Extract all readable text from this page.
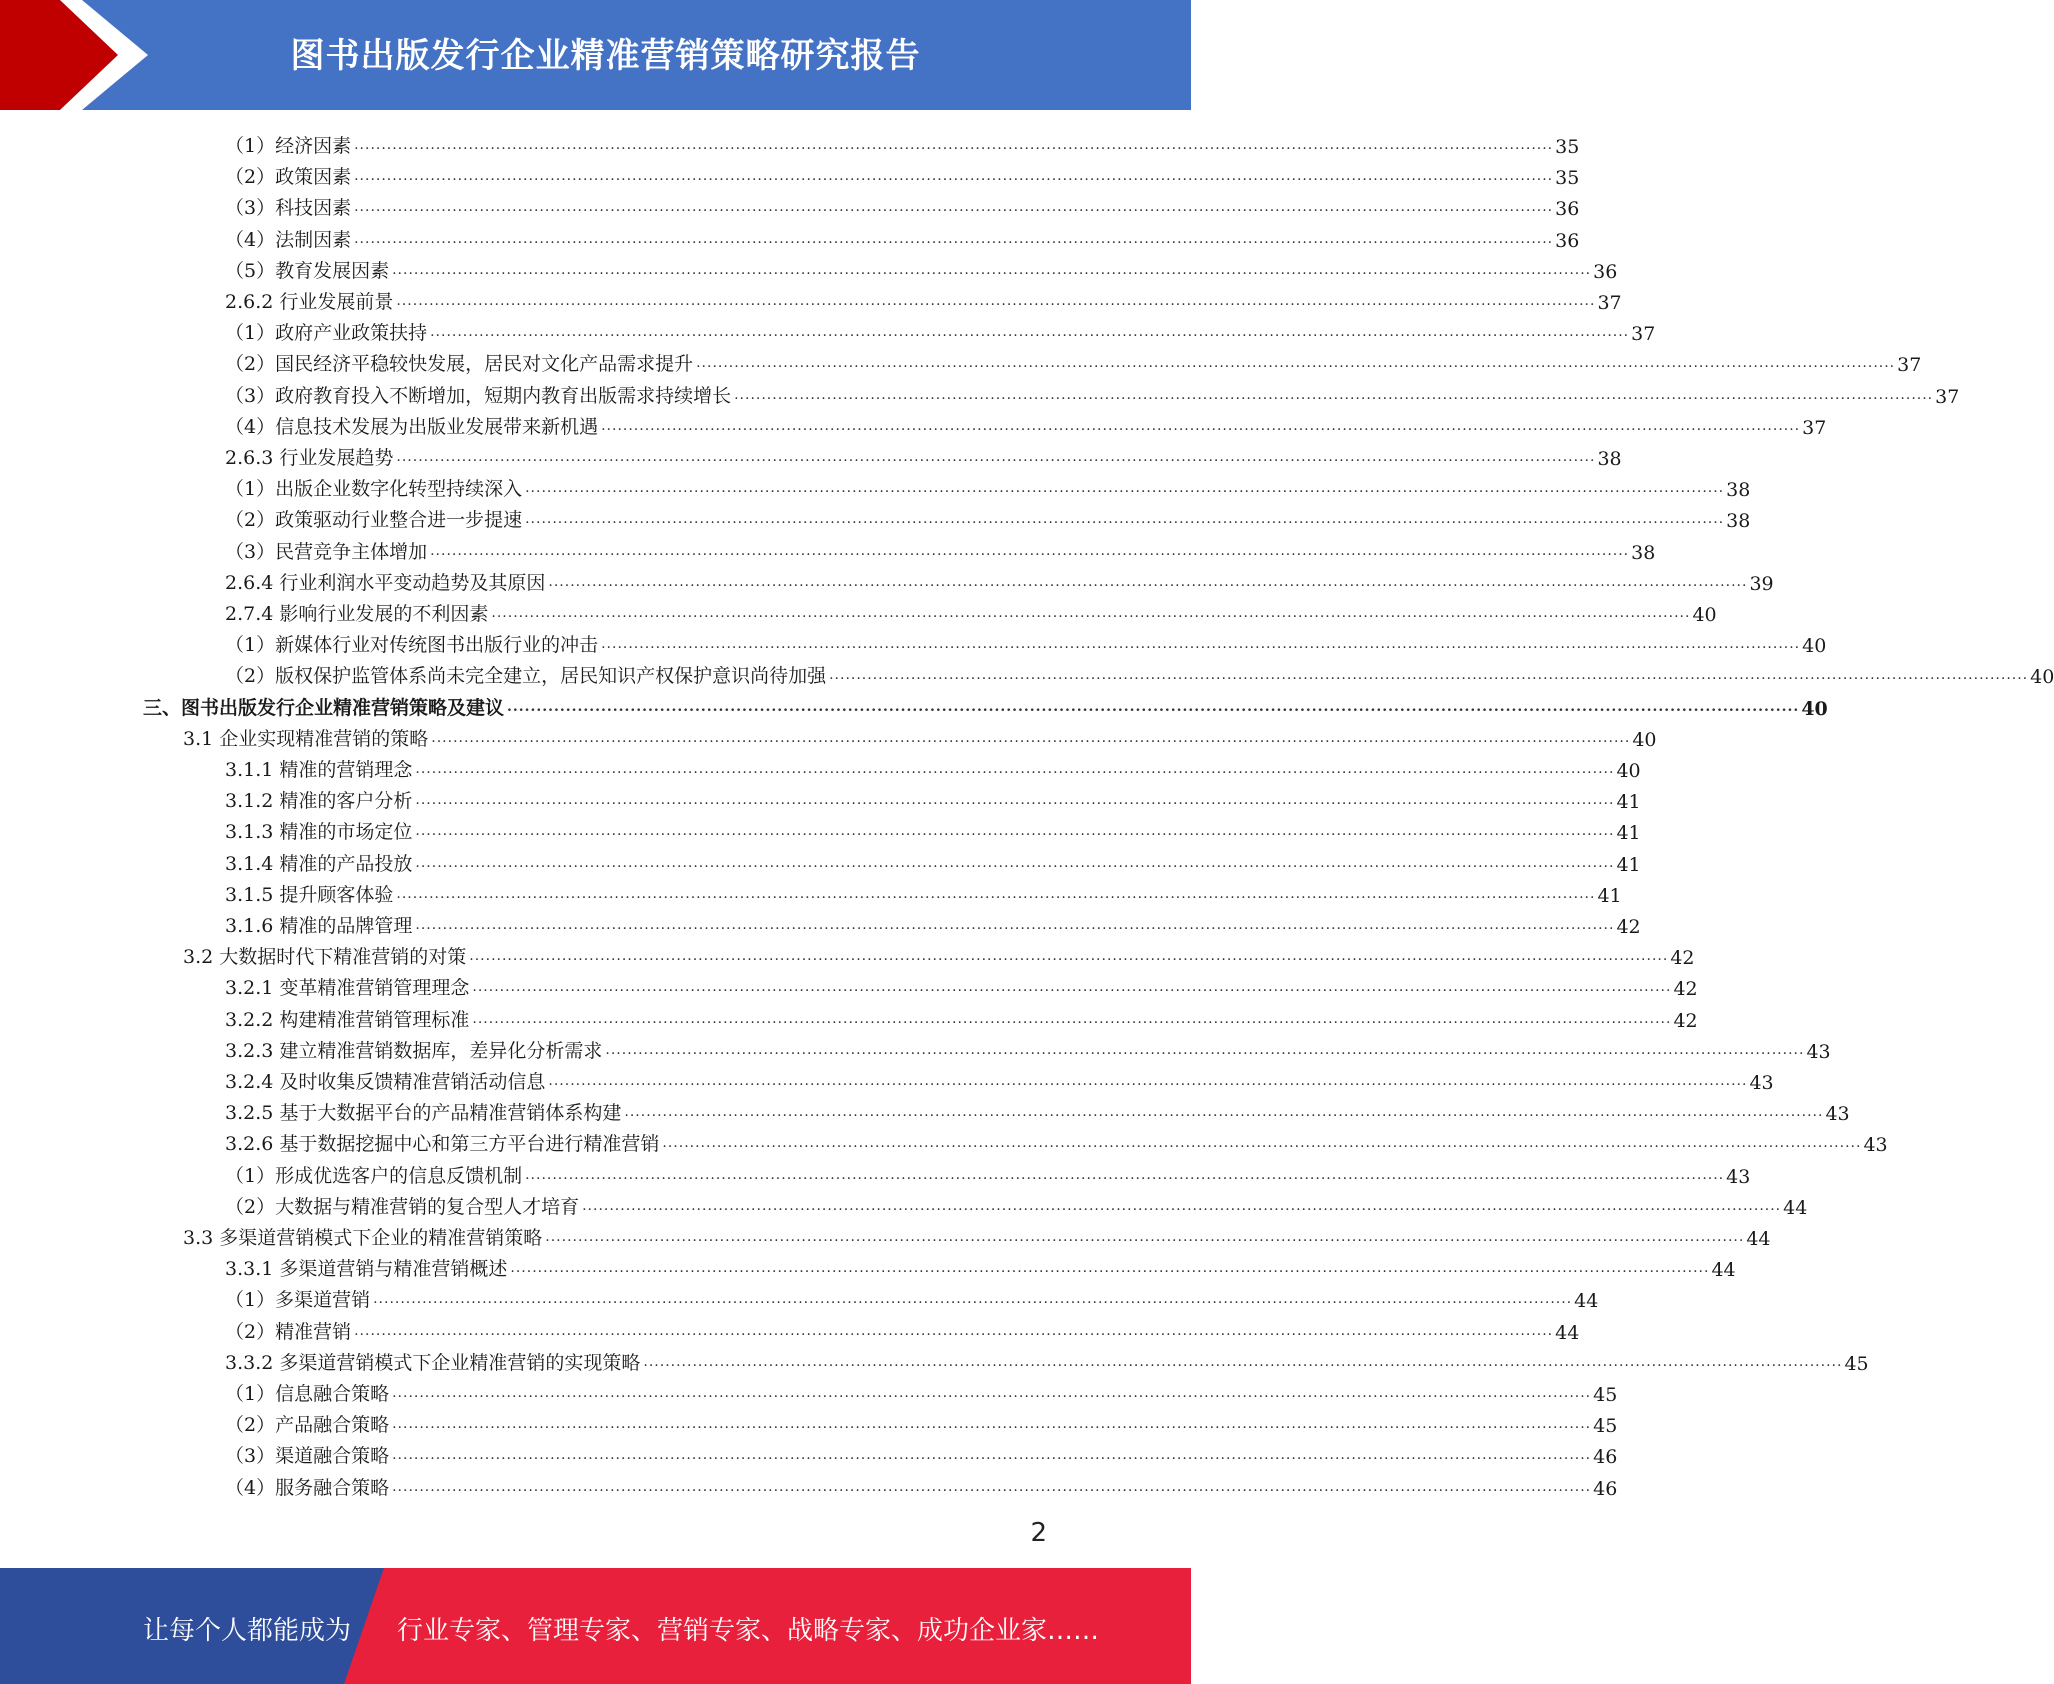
图书出版发行企业精准营销策略研究报告
（1）经济因素 ............................................................................................................................................................................................................................ 35
（2）政策因素 ............................................................................................................................................................................................................................ 35
（3）科技因素 ............................................................................................................................................................................................................................ 36
（4）法制因素 ............................................................................................................................................................................................................................ 36
（5）教育发展因素 ............................................................................................................................................................................................................................ 36
2.6.2 行业发展前景 ............................................................................................................................................................................................................................ 37
（1）政府产业政策扶持 ............................................................................................................................................................................................................................ 37
（2）国民经济平稳较快发展，居民对文化产品需求提升 ............................................................................................................................................................................................................................ 37
（3）政府教育投入不断增加，短期内教育出版需求持续增长 ............................................................................................................................................................................................................................ 37
（4）信息技术发展为出版业发展带来新机遇 ............................................................................................................................................................................................................................ 37
2.6.3 行业发展趋势 ............................................................................................................................................................................................................................ 38
（1）出版企业数字化转型持续深入 ............................................................................................................................................................................................................................ 38
（2）政策驱动行业整合进一步提速 ............................................................................................................................................................................................................................ 38
（3）民营竞争主体增加 ............................................................................................................................................................................................................................ 38
2.6.4 行业利润水平变动趋势及其原因 ............................................................................................................................................................................................................................ 39
2.7.4 影响行业发展的不利因素 ............................................................................................................................................................................................................................ 40
（1）新媒体行业对传统图书出版行业的冲击 ............................................................................................................................................................................................................................ 40
（2）版权保护监管体系尚未完全建立，居民知识产权保护意识尚待加强 ............................................................................................................................................................................................................................ 40
三、图书出版发行企业精准营销策略及建议 ............................................................................................................................................................................................................................ 40
3.1 企业实现精准营销的策略 ............................................................................................................................................................................................................................ 40
3.1.1 精准的营销理念 ............................................................................................................................................................................................................................ 40
3.1.2 精准的客户分析 ............................................................................................................................................................................................................................ 41
3.1.3 精准的市场定位 ............................................................................................................................................................................................................................ 41
3.1.4 精准的产品投放 ............................................................................................................................................................................................................................ 41
3.1.5 提升顾客体验 ............................................................................................................................................................................................................................ 41
3.1.6 精准的品牌管理 ............................................................................................................................................................................................................................ 42
3.2 大数据时代下精准营销的对策 ............................................................................................................................................................................................................................ 42
3.2.1 变革精准营销管理理念 ............................................................................................................................................................................................................................ 42
3.2.2 构建精准营销管理标准 ............................................................................................................................................................................................................................ 42
3.2.3 建立精准营销数据库，差异化分析需求 ............................................................................................................................................................................................................................ 43
3.2.4 及时收集反馈精准营销活动信息 ............................................................................................................................................................................................................................ 43
3.2.5 基于大数据平台的产品精准营销体系构建 ............................................................................................................................................................................................................................ 43
3.2.6 基于数据挖掘中心和第三方平台进行精准营销 ............................................................................................................................................................................................................................ 43
（1）形成优选客户的信息反馈机制 ............................................................................................................................................................................................................................ 43
（2）大数据与精准营销的复合型人才培育 ............................................................................................................................................................................................................................ 44
3.3 多渠道营销模式下企业的精准营销策略 ............................................................................................................................................................................................................................ 44
3.3.1 多渠道营销与精准营销概述 ............................................................................................................................................................................................................................ 44
（1）多渠道营销 ............................................................................................................................................................................................................................ 44
（2）精准营销 ............................................................................................................................................................................................................................ 44
3.3.2 多渠道营销模式下企业精准营销的实现策略 ............................................................................................................................................................................................................................ 45
（1）信息融合策略 ............................................................................................................................................................................................................................ 45
（2）产品融合策略 ............................................................................................................................................................................................................................ 45
（3）渠道融合策略 ............................................................................................................................................................................................................................ 46
（4）服务融合策略 ............................................................................................................................................................................................................................ 46
2
让每个人都能成为 行业专家、管理专家、营销专家、战略专家、成功企业家……
